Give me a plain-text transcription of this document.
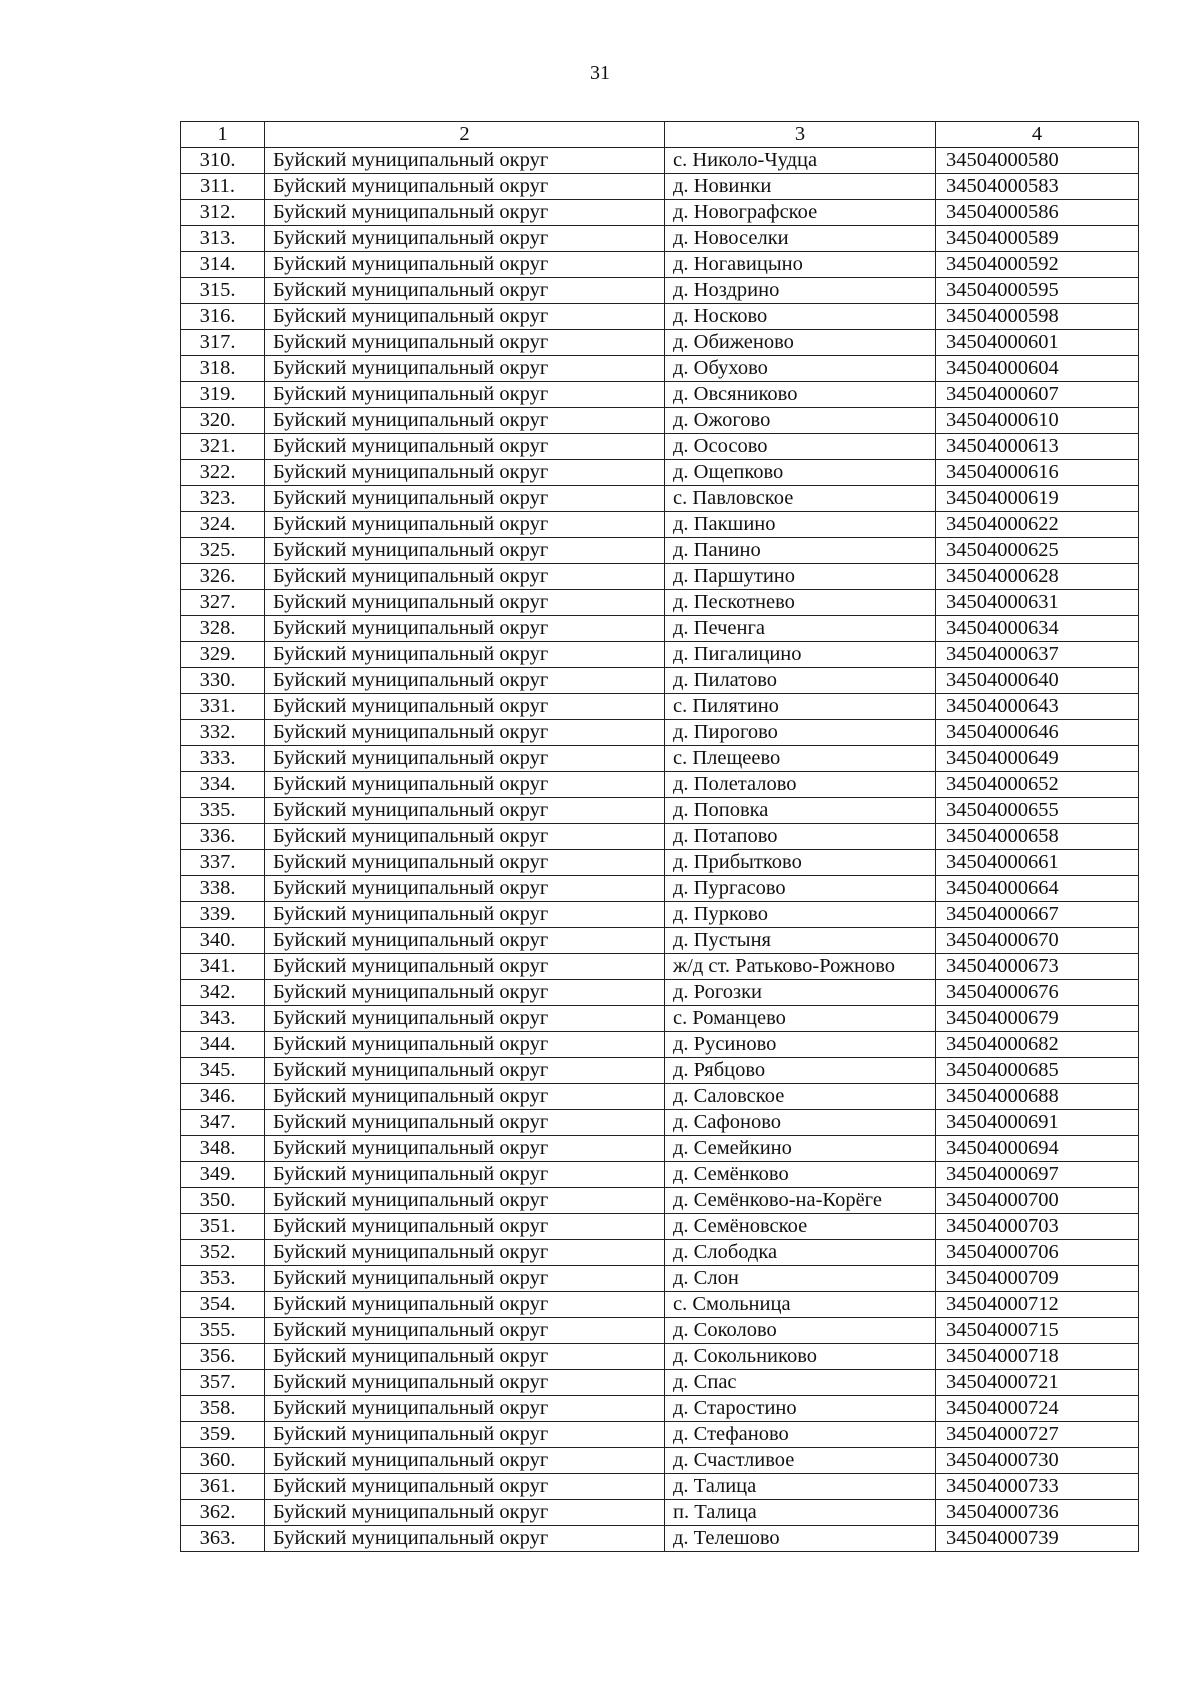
31
1	2	3	4
310.	Буйский муниципальный округ	с. Николо-Чудца	34504000580
311.	Буйский муниципальный округ	д. Новинки	34504000583
312.	Буйский муниципальный округ	д. Новографское	34504000586
313.	Буйский муниципальный округ	д. Новоселки	34504000589
314.	Буйский муниципальный округ	д. Ногавицыно	34504000592
315.	Буйский муниципальный округ	д. Ноздрино	34504000595
316.	Буйский муниципальный округ	д. Носково	34504000598
317.	Буйский муниципальный округ	д. Обиженово	34504000601
318.	Буйский муниципальный округ	д. Обухово	34504000604
319.	Буйский муниципальный округ	д. Овсяниково	34504000607
320.	Буйский муниципальный округ	д. Ожогово	34504000610
321.	Буйский муниципальный округ	д. Ососово	34504000613
322.	Буйский муниципальный округ	д. Ощепково	34504000616
323.	Буйский муниципальный округ	с. Павловское	34504000619
324.	Буйский муниципальный округ	д. Пакшино	34504000622
325.	Буйский муниципальный округ	д. Панино	34504000625
326.	Буйский муниципальный округ	д. Паршутино	34504000628
327.	Буйский муниципальный округ	д. Пескотнево	34504000631
328.	Буйский муниципальный округ	д. Печенга	34504000634
329.	Буйский муниципальный округ	д. Пигалицино	34504000637
330.	Буйский муниципальный округ	д. Пилатово	34504000640
331.	Буйский муниципальный округ	с. Пилятино	34504000643
332.	Буйский муниципальный округ	д. Пирогово	34504000646
333.	Буйский муниципальный округ	с. Плещеево	34504000649
334.	Буйский муниципальный округ	д. Полеталово	34504000652
335.	Буйский муниципальный округ	д. Поповка	34504000655
336.	Буйский муниципальный округ	д. Потапово	34504000658
337.	Буйский муниципальный округ	д. Прибытково	34504000661
338.	Буйский муниципальный округ	д. Пургасово	34504000664
339.	Буйский муниципальный округ	д. Пурково	34504000667
340.	Буйский муниципальный округ	д. Пустыня	34504000670
341.	Буйский муниципальный округ	ж/д ст. Ратьково-Рожново	34504000673
342.	Буйский муниципальный округ	д. Рогозки	34504000676
343.	Буйский муниципальный округ	с. Романцево	34504000679
344.	Буйский муниципальный округ	д. Русиново	34504000682
345.	Буйский муниципальный округ	д. Рябцово	34504000685
346.	Буйский муниципальный округ	д. Саловское	34504000688
347.	Буйский муниципальный округ	д. Сафоново	34504000691
348.	Буйский муниципальный округ	д. Семейкино	34504000694
349.	Буйский муниципальный округ	д. Семёнково	34504000697
350.	Буйский муниципальный округ	д. Семёнково-на-Корёге	34504000700
351.	Буйский муниципальный округ	д. Семёновское	34504000703
352.	Буйский муниципальный округ	д. Слободка	34504000706
353.	Буйский муниципальный округ	д. Слон	34504000709
354.	Буйский муниципальный округ	с. Смольница	34504000712
355.	Буйский муниципальный округ	д. Соколово	34504000715
356.	Буйский муниципальный округ	д. Сокольниково	34504000718
357.	Буйский муниципальный округ	д. Спас	34504000721
358.	Буйский муниципальный округ	д. Старостино	34504000724
359.	Буйский муниципальный округ	д. Стефаново	34504000727
360.	Буйский муниципальный округ	д. Счастливое	34504000730
361.	Буйский муниципальный округ	д. Талица	34504000733
362.	Буйский муниципальный округ	п. Талица	34504000736
363.	Буйский муниципальный округ	д. Телешово	34504000739
